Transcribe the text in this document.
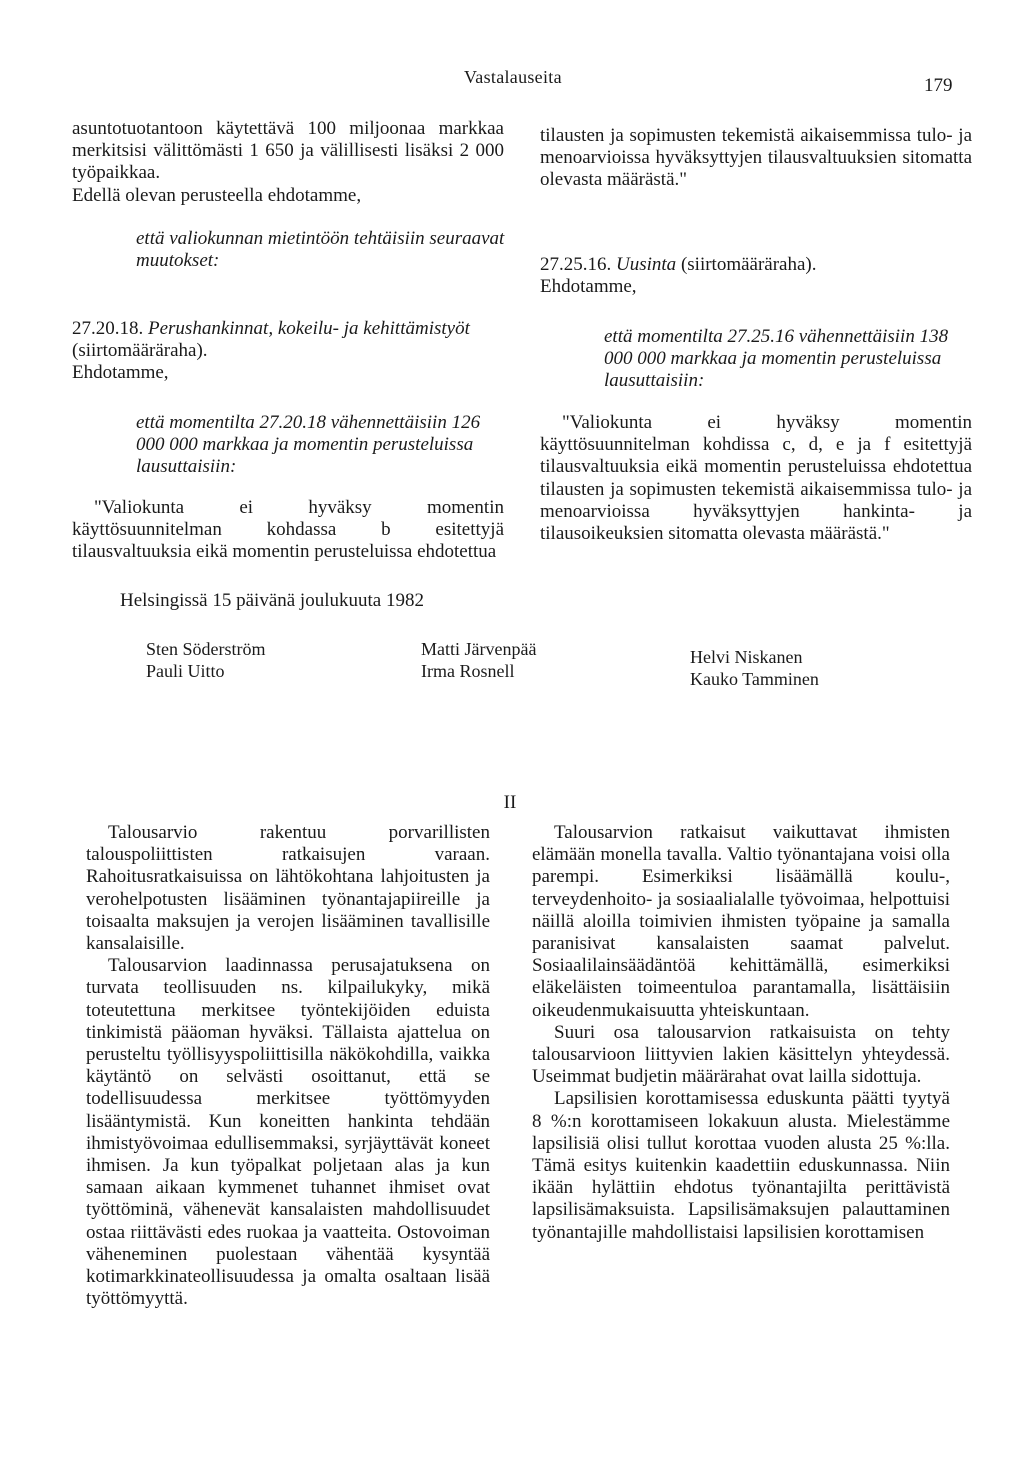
Vastalauseita	179

asuntotuotantoon käytettävä 100 miljoonaa markkaa merkitsisi välittömästi 1 650 ja välillisesti lisäksi 2 000 työpaikkaa.

Edellä olevan perusteella ehdotamme,

että valiokunnan mietintöön tehtäisiin seuraavat muutokset:

27.20.18. Perushankinnat, kokeilu- ja kehittämistyöt (siirtomääräraha).

Ehdotamme,

että momentilta 27.20.18 vähennettäisiin 126 000 000 markkaa ja momentin perusteluissa lausuttaisiin:

"Valiokunta ei hyväksy momentin käyttösuunnitelman kohdassa b esitettyjä tilausvaltuuksia eikä momentin perusteluissa ehdotettua

tilausten ja sopimusten tekemistä aikaisemmissa tulo- ja menoarvioissa hyväksyttyjen tilausvaltuuksien sitomatta olevasta määrästä."

27.25.16. Uusinta (siirtomääräraha).

Ehdotamme,

että momentilta 27.25.16 vähennettäisiin 138 000 000 markkaa ja momentin perusteluissa lausuttaisiin:

"Valiokunta ei hyväksy momentin käyttösuunnitelman kohdissa c, d, e ja f esitettyjä tilausvaltuuksia eikä momentin perusteluissa ehdotettua tilausten ja sopimusten tekemistä aikaisemmissa tulo- ja menoarvioissa hyväksyttyjen hankinta- ja tilausoikeuksien sitomatta olevasta määrästä."

Helsingissä 15 päivänä joulukuuta 1982
Sten Söderström
Pauli Uitto
Matti Järvenpää
Irma Rosnell
Helvi Niskanen
Kauko Tamminen
II

Talousarvio rakentuu porvarillisten talouspoliittisten ratkaisujen varaan. Rahoitusratkaisuissa on lähtökohtana lahjoitusten ja verohelpotusten lisääminen työnantajapiireille ja toisaalta maksujen ja verojen lisääminen tavallisille kansalaisille.

Talousarvion laadinnassa perusajatuksena on turvata teollisuuden ns. kilpailukyky, mikä toteutettuna merkitsee työntekijöiden eduista tinkimistä pääoman hyväksi. Tällaista ajattelua on perusteltu työllisyyspoliittisilla näkökohdilla, vaikka käytäntö on selvästi osoittanut, että se todellisuudessa merkitsee työttömyyden lisääntymistä. Kun koneitten hankinta tehdään ihmistyövoimaa edullisemmaksi, syrjäyttävät koneet ihmisen. Ja kun työpalkat poljetaan alas ja kun samaan aikaan kymmenet tuhannet ihmiset ovat työttöminä, vähenevät kansalaisten mahdollisuudet ostaa riittävästi edes ruokaa ja vaatteita. Ostovoiman väheneminen puolestaan vähentää kysyntää kotimarkkinateollisuudessa ja omalta osaltaan lisää työttömyyttä.

Talousarvion ratkaisut vaikuttavat ihmisten elämään monella tavalla. Valtio työnantajana voisi olla parempi. Esimerkiksi lisäämällä koulu-, terveydenhoito- ja sosiaalialalle työvoimaa, helpottuisi näillä aloilla toimivien ihmisten työpaine ja samalla paranisivat kansalaisten saamat palvelut. Sosiaalilainsäädäntöä kehittämällä, esimerkiksi eläkeläisten toimeentuloa parantamalla, lisättäisiin oikeudenmukaisuutta yhteiskuntaan.

Suuri osa talousarvion ratkaisuista on tehty talousarvioon liittyvien lakien käsittelyn yhteydessä. Useimmat budjetin määrärahat ovat lailla sidottuja.

Lapsilisien korottamisessa eduskunta päätti tyytyä 8 %:n korottamiseen lokakuun alusta. Mielestämme lapsilisiä olisi tullut korottaa vuoden alusta 25 %:lla. Tämä esitys kuitenkin kaadettiin eduskunnassa. Niin ikään hylättiin ehdotus työnantajilta perittävistä lapsilisämaksuista. Lapsilisämaksujen palauttaminen työnantajille mahdollistaisi lapsilisien korottamisen
